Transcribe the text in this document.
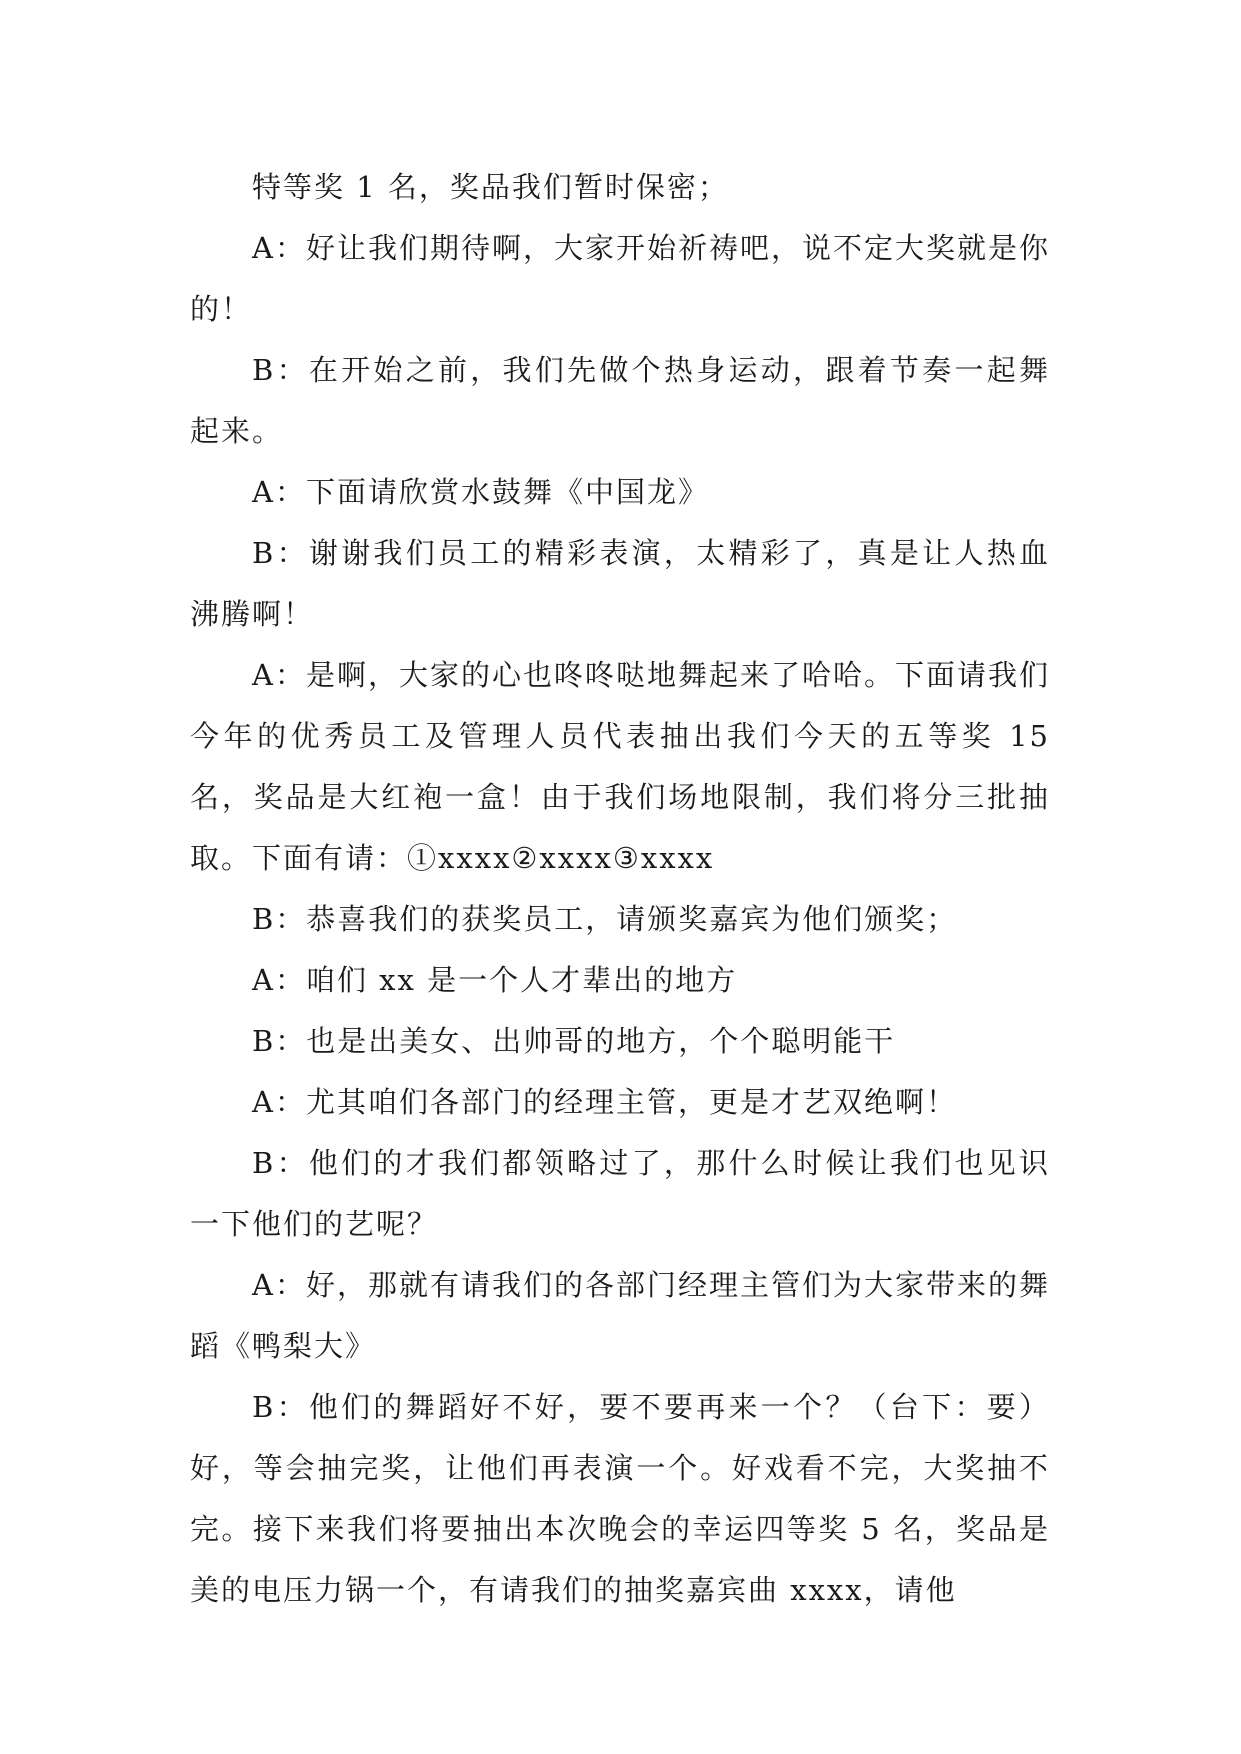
特等奖 1 名，奖品我们暂时保密；

A：好让我们期待啊，大家开始祈祷吧，说不定大奖就是你的！

B：在开始之前，我们先做个热身运动，跟着节奏一起舞起来。

A：下面请欣赏水鼓舞《中国龙》

B：谢谢我们员工的精彩表演，太精彩了，真是让人热血沸腾啊！

A：是啊，大家的心也咚咚哒地舞起来了哈哈。下面请我们今年的优秀员工及管理人员代表抽出我们今天的五等奖 15 名，奖品是大红袍一盒！由于我们场地限制，我们将分三批抽取。下面有请：①xxxx②xxxx③xxxx

B：恭喜我们的获奖员工，请颁奖嘉宾为他们颁奖；

A：咱们 xx 是一个人才辈出的地方

B：也是出美女、出帅哥的地方，个个聪明能干

A：尤其咱们各部门的经理主管，更是才艺双绝啊！

B：他们的才我们都领略过了，那什么时候让我们也见识一下他们的艺呢？

A：好，那就有请我们的各部门经理主管们为大家带来的舞蹈《鸭梨大》

B：他们的舞蹈好不好，要不要再来一个？（台下：要）好，等会抽完奖，让他们再表演一个。好戏看不完，大奖抽不完。接下来我们将要抽出本次晚会的幸运四等奖 5 名，奖品是美的电压力锅一个，有请我们的抽奖嘉宾曲 xxxx，请他
